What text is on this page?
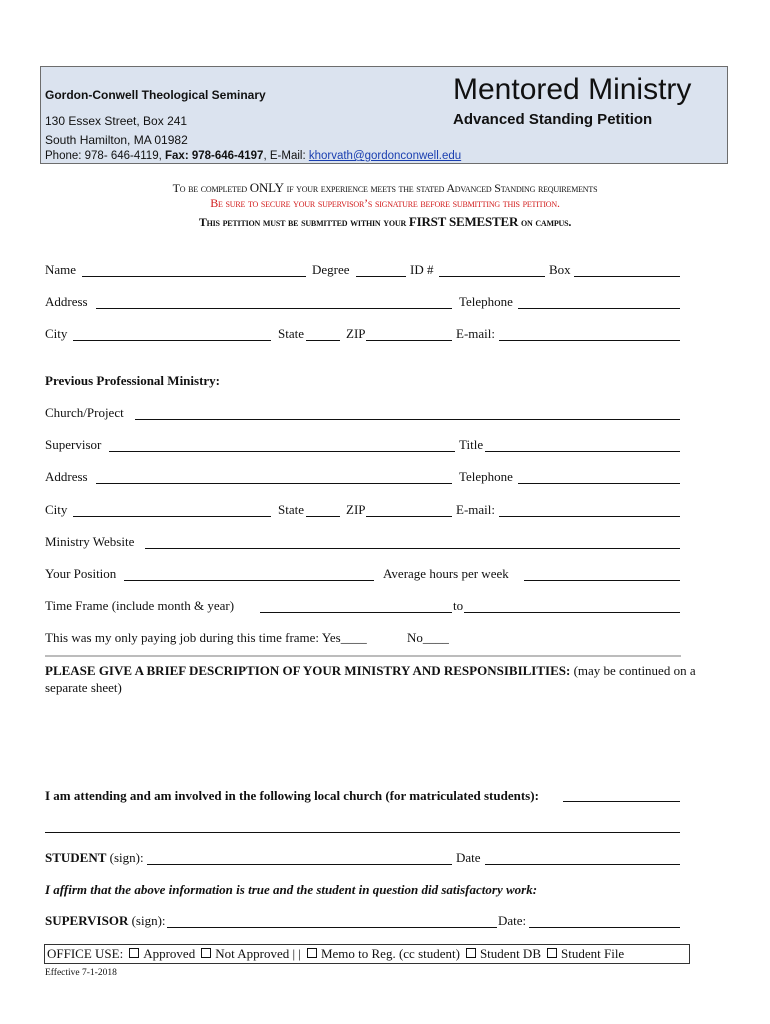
Gordon-Conwell Theological Seminary
130 Essex Street, Box 241
South Hamilton, MA 01982
Phone: 978- 646-4119, Fax: 978-646-4197, E-Mail: khorvath@gordonconwell.edu
Mentored Ministry
Advanced Standing Petition
To be completed ONLY if your experience meets the stated Advanced Standing requirements
Be sure to secure your supervisor’s signature before submitting this petition.
This petition must be submitted within your FIRST SEMESTER on campus.
Name	Degree	ID #	Box
Address	Telephone
City	State	ZIP	E-mail:
Previous Professional Ministry:
Church/Project
Supervisor	Title
Address	Telephone
City	State	ZIP	E-mail:
Ministry Website
Your Position	Average hours per week
Time Frame (include month & year)	to
This was my only paying job during this time frame: Yes____	No____
PLEASE GIVE A BRIEF DESCRIPTION OF YOUR MINISTRY AND RESPONSIBILITIES: (may be continued on a
separate sheet)
I am attending and am involved in the following local church (for matriculated students):
STUDENT (sign):	Date
I affirm that the above information is true and the student in question did satisfactory work:
SUPERVISOR (sign):	Date:
OFFICE USE: Approved Not Approved | | Memo to Reg. (cc student) Student DB Student File
Effective 7-1-2018
